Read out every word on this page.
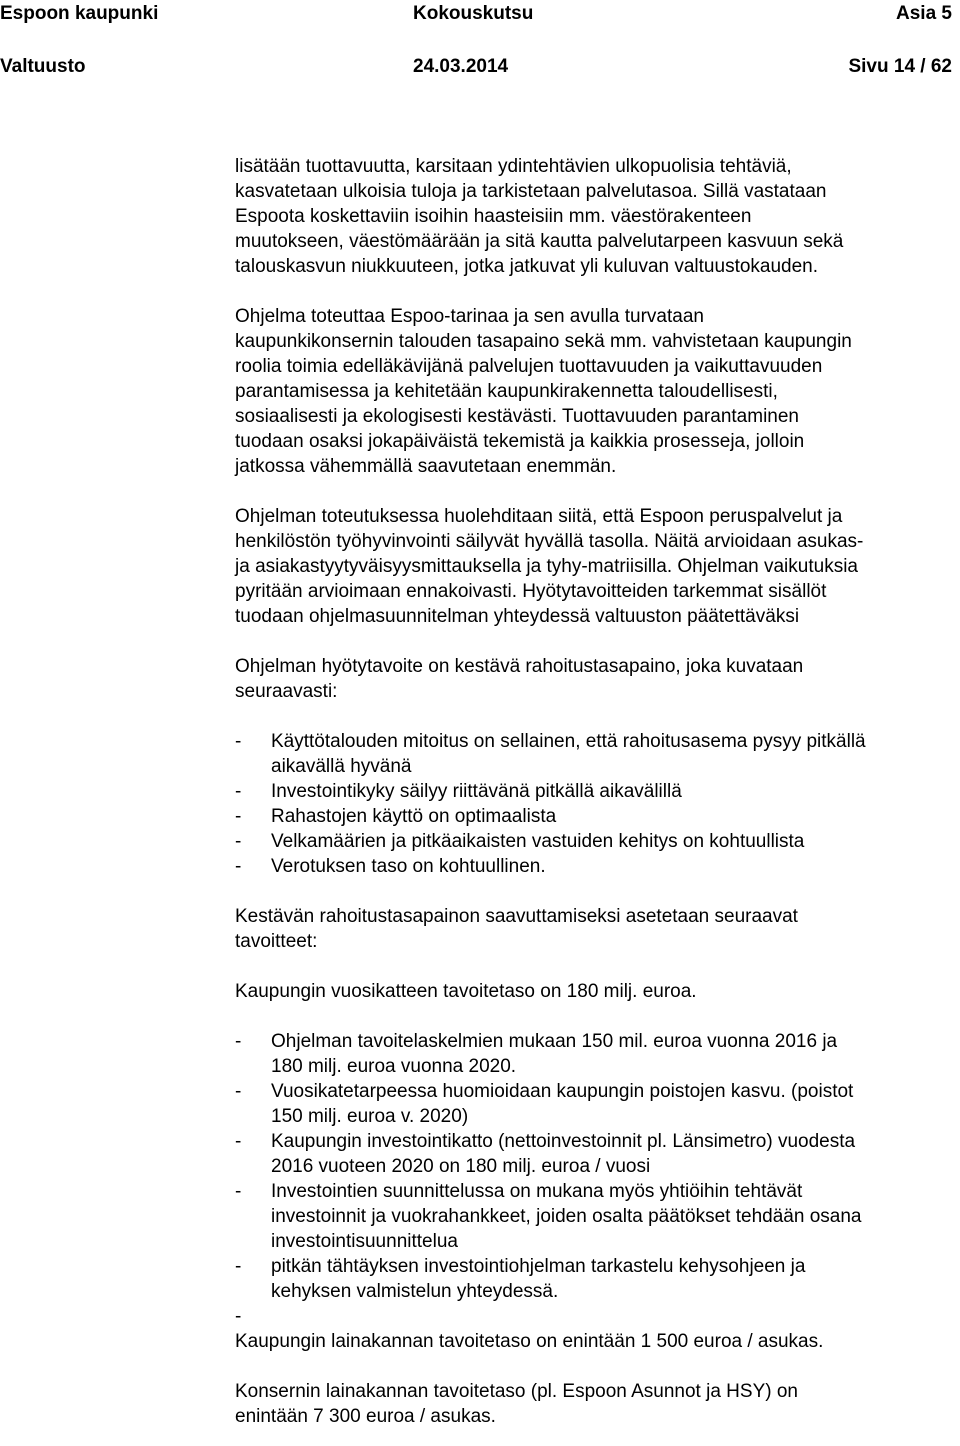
Espoon kaupunki	Kokouskutsu	Asia 5
Valtuusto	24.03.2014	Sivu 14 / 62

lisätään tuottavuutta, karsitaan ydintehtävien ulkopuolisia tehtäviä,
kasvatetaan ulkoisia tuloja ja tarkistetaan palvelutasoa. Sillä vastataan
Espoota koskettaviin isoihin haasteisiin mm. väestörakenteen
muutokseen, väestömäärään ja sitä kautta palvelutarpeen kasvuun sekä
talouskasvun niukkuuteen, jotka jatkuvat yli kuluvan valtuustokauden.

Ohjelma toteuttaa Espoo-tarinaa ja sen avulla turvataan
kaupunkikonsernin talouden tasapaino sekä mm. vahvistetaan kaupungin
roolia toimia edelläkävijänä palvelujen tuottavuuden ja vaikuttavuuden
parantamisessa ja kehitetään kaupunkirakennetta taloudellisesti,
sosiaalisesti ja ekologisesti kestävästi. Tuottavuuden parantaminen
tuodaan osaksi jokapäiväistä tekemistä ja kaikkia prosesseja, jolloin
jatkossa vähemmällä saavutetaan enemmän.

Ohjelman toteutuksessa huolehditaan siitä, että Espoon peruspalvelut ja
henkilöstön työhyvinvointi säilyvät hyvällä tasolla. Näitä arvioidaan asukas-
ja asiakastyytyväisyysmittauksella ja tyhy-matriisilla. Ohjelman vaikutuksia
pyritään arvioimaan ennakoivasti. Hyötytavoitteiden tarkemmat sisällöt
tuodaan ohjelmasuunnitelman yhteydessä valtuuston päätettäväksi

Ohjelman hyötytavoite on kestävä rahoitustasapaino, joka kuvataan
seuraavasti:

- Käyttötalouden mitoitus on sellainen, että rahoitusasema pysyy pitkällä
aikavällä hyvänä
- Investointikyky säilyy riittävänä pitkällä aikavälillä
- Rahastojen käyttö on optimaalista
- Velkamäärien ja pitkäaikaisten vastuiden kehitys on kohtuullista
- Verotuksen taso on kohtuullinen.

Kestävän rahoitustasapainon saavuttamiseksi asetetaan seuraavat
tavoitteet:

Kaupungin vuosikatteen tavoitetaso on 180 milj. euroa.

- Ohjelman tavoitelaskelmien mukaan 150 mil. euroa vuonna 2016 ja
180 milj. euroa vuonna 2020.
- Vuosikatetarpeessa huomioidaan kaupungin poistojen kasvu. (poistot
150 milj. euroa v. 2020)
- Kaupungin investointikatto (nettoinvestoinnit pl. Länsimetro) vuodesta
2016 vuoteen 2020 on 180 milj. euroa / vuosi
- Investointien suunnittelussa on mukana myös yhtiöihin tehtävät
investoinnit ja vuokrahankkeet, joiden osalta päätökset tehdään osana
investointisuunnittelua
- pitkän tähtäyksen investointiohjelman tarkastelu kehysohjeen ja
kehyksen valmistelun yhteydessä.
-

Kaupungin lainakannan tavoitetaso on enintään 1 500 euroa / asukas.

Konsernin lainakannan tavoitetaso (pl. Espoon Asunnot ja HSY) on
enintään 7 300 euroa / asukas.
